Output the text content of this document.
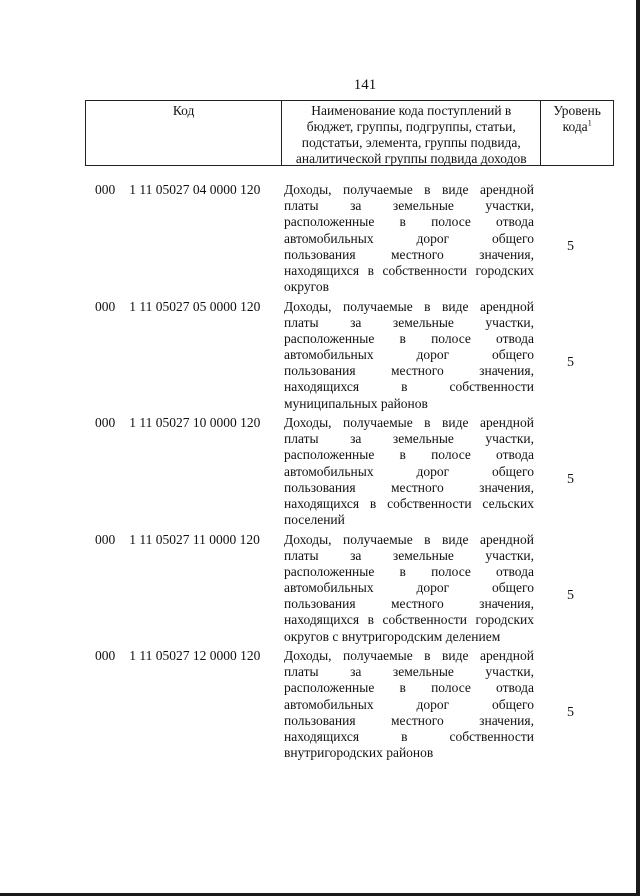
141
Код	Наименование кода поступлений в
бюджет, группы, подгруппы, статьи,
подстатьи, элемента, группы подвида,
аналитической группы подвида доходов
Уровень
кода$^1$
000 1 11 05027 04 0000 120 Доходы, получаемые в виде арендной
платы за земельные участки,
расположенные в полосе отвода
автомобильных дорог общего
пользования местного значения,
находящихся в собственности городских
округов
5
000 1 11 05027 05 0000 120 Доходы, получаемые в виде арендной
платы за земельные участки,
расположенные в полосе отвода
автомобильных дорог общего
пользования местного значения,
находящихся в собственности
муниципальных районов
5
000 1 11 05027 10 0000 120 Доходы, получаемые в виде арендной
платы за земельные участки,
расположенные в полосе отвода
автомобильных дорог общего
пользования местного значения,
находящихся в собственности сельских
поселений
5
000 1 11 05027 11 0000 120 Доходы, получаемые в виде арендной
платы за земельные участки,
расположенные в полосе отвода
автомобильных дорог общего
пользования местного значения,
находящихся в собственности городских
округов с внутригородским делением
5
000 1 11 05027 12 0000 120 Доходы, получаемые в виде арендной
платы за земельные участки,
расположенные в полосе отвода
автомобильных дорог общего
пользования местного значения,
находящихся в собственности
внутригородских районов
5
